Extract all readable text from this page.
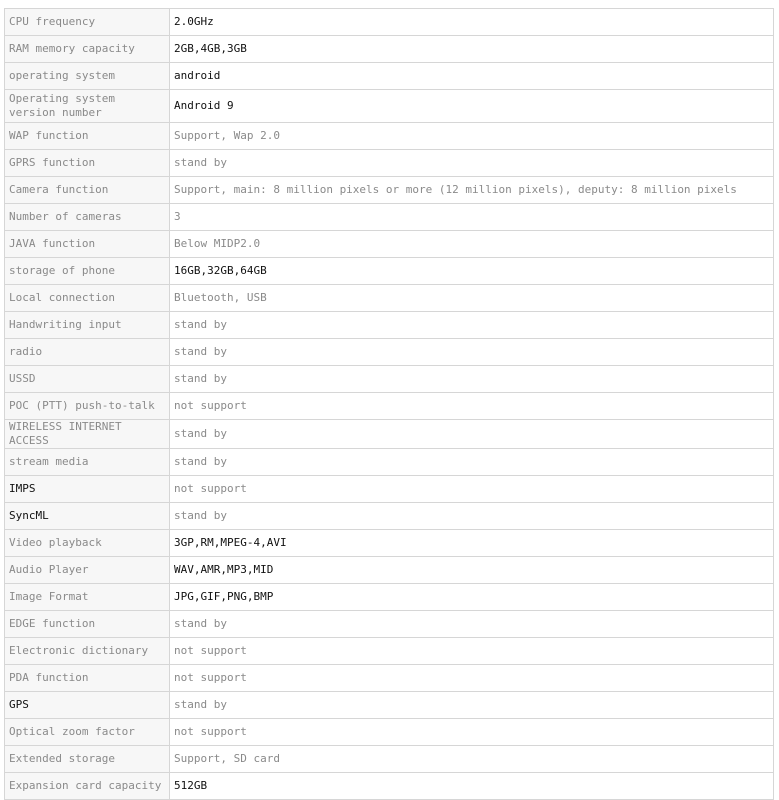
CPU frequency	2.0GHz
RAM memory capacity	2GB,4GB,3GB
operating system	android
Operating system version number	Android 9
WAP function	Support, Wap 2.0
GPRS function	stand by
Camera function	Support, main: 8 million pixels or more (12 million pixels), deputy: 8 million pixels
Number of cameras	3
JAVA function	Below MIDP2.0
storage of phone	16GB,32GB,64GB
Local connection	Bluetooth, USB
Handwriting input	stand by
radio	stand by
USSD	stand by
POC (PTT) push-to-talk	not support
WIRELESS INTERNET ACCESS	stand by
stream media	stand by
IMPS	not support
SyncML	stand by
Video playback	3GP,RM,MPEG-4,AVI
Audio Player	WAV,AMR,MP3,MID
Image Format	JPG,GIF,PNG,BMP
EDGE function	stand by
Electronic dictionary	not support
PDA function	not support
GPS	stand by
Optical zoom factor	not support
Extended storage	Support, SD card
Expansion card capacity	512GB
